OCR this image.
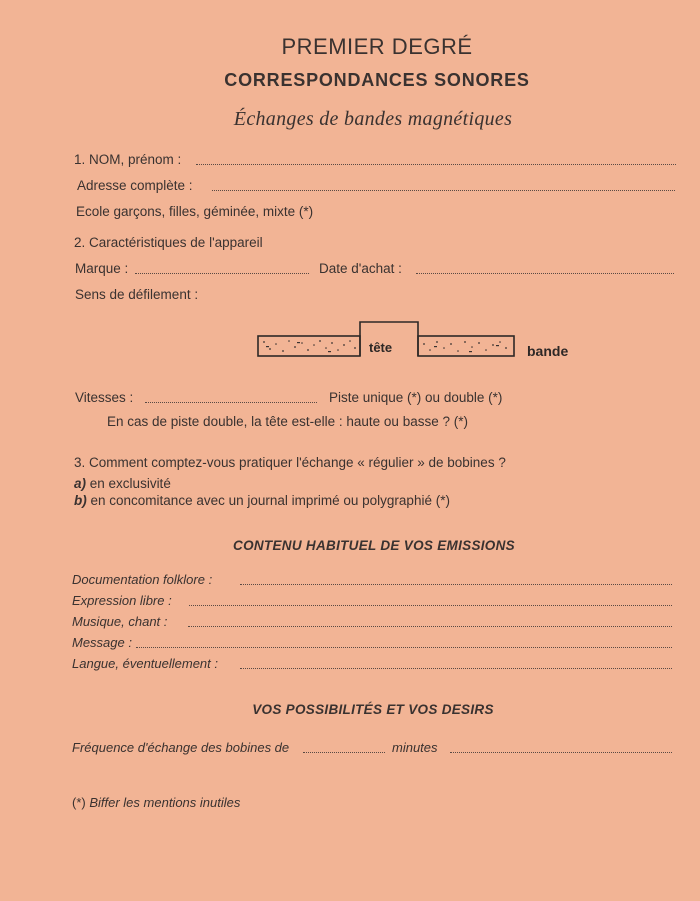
PREMIER DEGRÉ
CORRESPONDANCES SONORES
Échanges de bandes magnétiques
1. NOM, prénom :
Adresse complète :
Ecole garçons, filles, géminée, mixte (*)
2. Caractéristiques de l'appareil
Marque :	Date d'achat :
Sens de défilement :
tête	bande
Vitesses :	Piste unique (*) ou double (*)
En cas de piste double, la tête est-elle : haute ou basse ? (*)
3. Comment comptez-vous pratiquer l'échange « régulier » de bobines ?
a) en exclusivité
b) en concomitance avec un journal imprimé ou polygraphié (*)
CONTENU HABITUEL DE VOS EMISSIONS
Documentation folklore :
Expression libre :
Musique, chant :
Message :
Langue, éventuellement :
VOS POSSIBILITÉS ET VOS DESIRS
Fréquence d'échange des bobines de	minutes
(*) Biffer les mentions inutiles
